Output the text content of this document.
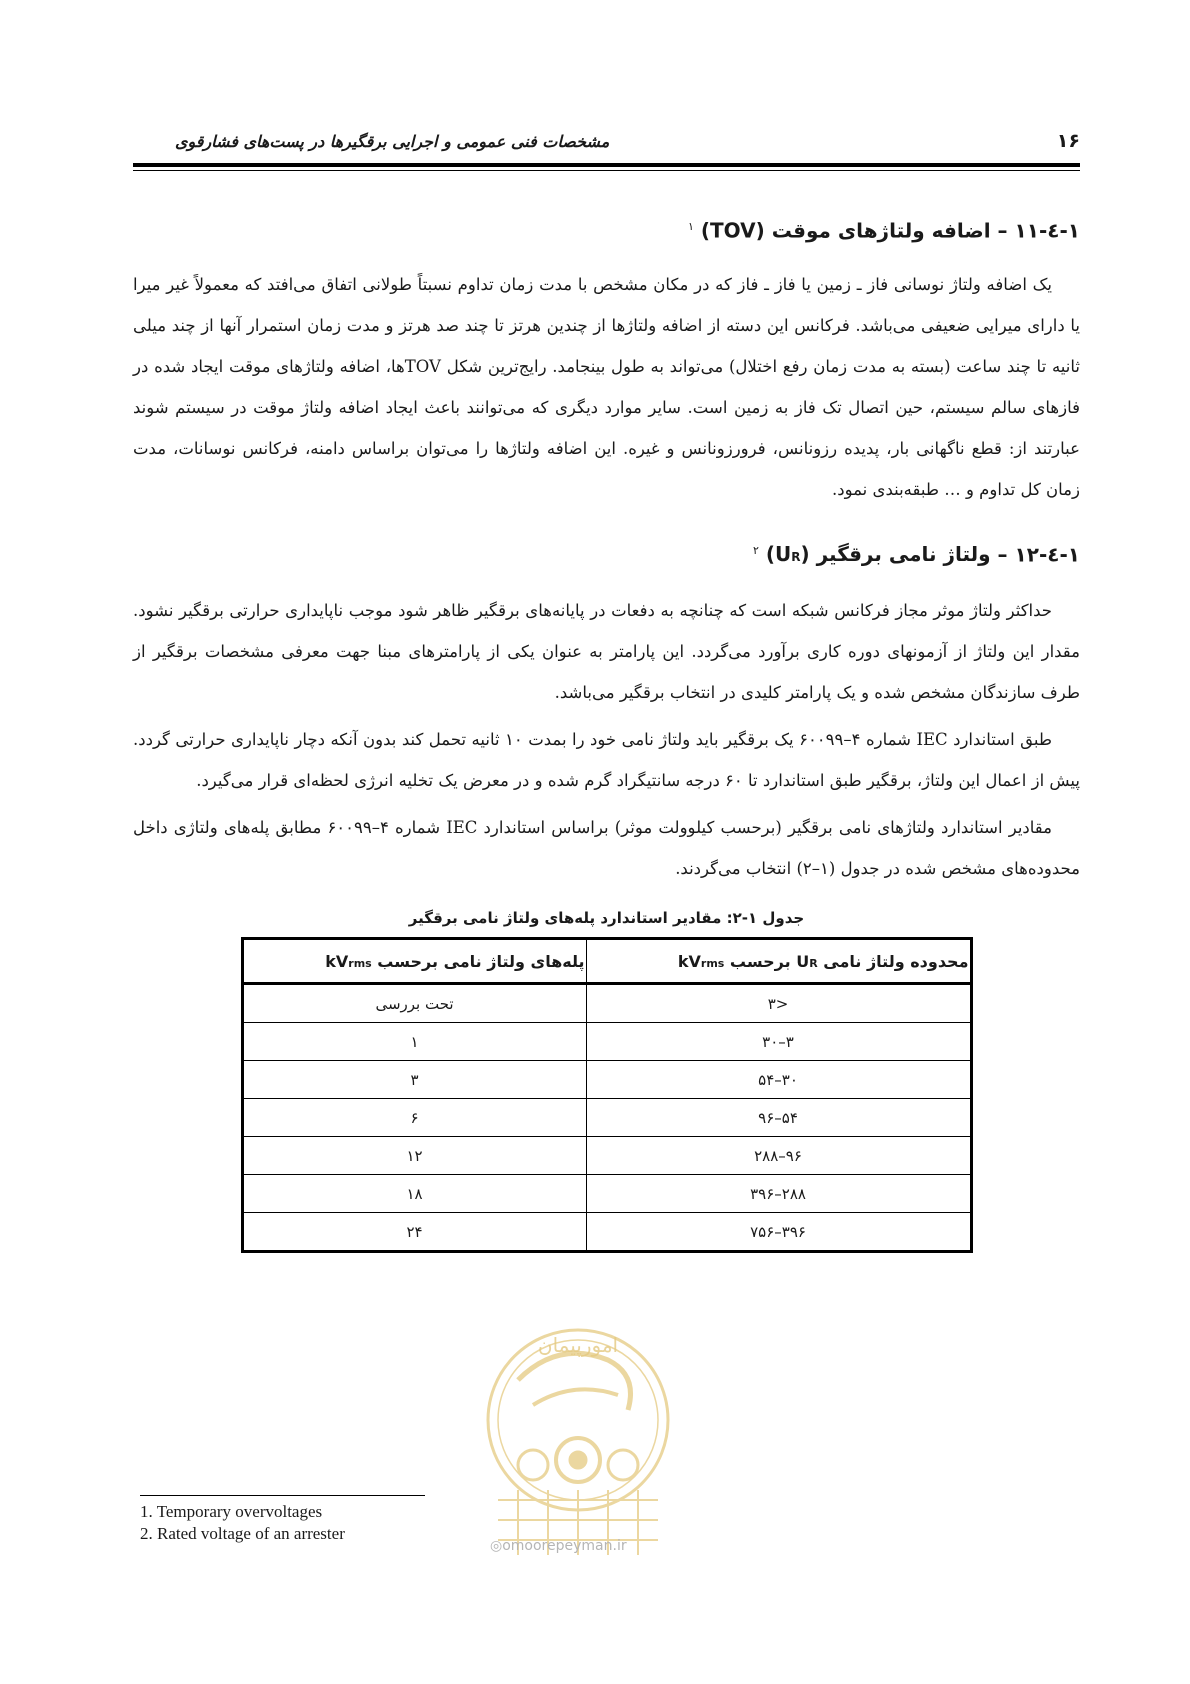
۱۶
مشخصات فنی عمومی و اجرایی برقگیرها در پست‌های فشارقوی
۱-٤-۱۱ – اضافه ولتاژهای موقت (TOV) $^۱$

یک اضافه ولتاژ نوسانی فاز ـ زمین یا فاز ـ فاز که در مکان مشخص با مدت زمان تداوم نسبتاً طولانی اتفاق می‌افتد که معمولاً غیر میرا یا دارای میرایی ضعیفی می‌باشد. فرکانس این دسته از اضافه ولتاژها از چندین هرتز تا چند صد هرتز و مدت زمان استمرار آنها از چند میلی ثانیه تا چند ساعت (بسته به مدت زمان رفع اختلال) می‌تواند به طول بینجامد. رایج‌ترین شکل TOVها، اضافه ولتاژهای موقت ایجاد شده در فازهای سالم سیستم، حین اتصال تک فاز به زمین است. سایر موارد دیگری که می‌توانند باعث ایجاد اضافه ولتاژ موقت در سیستم شوند عبارتند از: قطع ناگهانی بار، پدیده رزونانس، فرورزونانس و غیره. این اضافه ولتاژها را می‌توان براساس دامنه، فرکانس نوسانات، مدت زمان کل تداوم و … طبقه‌بندی نمود.

۱-٤-۱۲ – ولتاژ نامی برقگیر (UR) $^۲$

حداکثر ولتاژ موثر مجاز فرکانس شبکه است که چنانچه به دفعات در پایانه‌های برقگیر ظاهر شود موجب ناپایداری حرارتی برقگیر نشود. مقدار این ولتاژ از آزمونهای دوره کاری برآورد می‌گردد. این پارامتر به عنوان یکی از پارامترهای مبنا جهت معرفی مشخصات برقگیر از طرف سازندگان مشخص شده و یک پارامتر کلیدی در انتخاب برقگیر می‌باشد.

طبق استاندارد IEC شماره ۴–۶۰۰۹۹ یک برقگیر باید ولتاژ نامی خود را بمدت ۱۰ ثانیه تحمل کند بدون آنکه دچار ناپایداری حرارتی گردد. پیش از اعمال این ولتاژ، برقگیر طبق استاندارد تا ۶۰ درجه سانتیگراد گرم شده و در معرض یک تخلیه انرژی لحظه‌ای قرار می‌گیرد.

مقادیر استاندارد ولتاژهای نامی برقگیر (برحسب کیلوولت موثر) براساس استاندارد IEC شماره ۴–۶۰۰۹۹ مطابق پله‌های ولتاژی داخل محدوده‌های مشخص شده در جدول (۱–۲) انتخاب می‌گردند.

جدول ۱-۲: مقادیر استاندارد پله‌های ولتاژ نامی برقگیر
محدوده ولتاژ نامی UR برحسب kVrms	پله‌های ولتاژ نامی برحسب kVrms
<۳	تحت بررسی
۳–۳۰	۱
۳۰–۵۴	۳
۵۴–۹۶	۶
۹۶–۲۸۸	۱۲
۲۸۸–۳۹۶	۱۸
۳۹۶–۷۵۶	۲۴
امورپیمان
◎omoorepeyman.ir
1. Temporary overvoltages
2. Rated voltage of an arrester
